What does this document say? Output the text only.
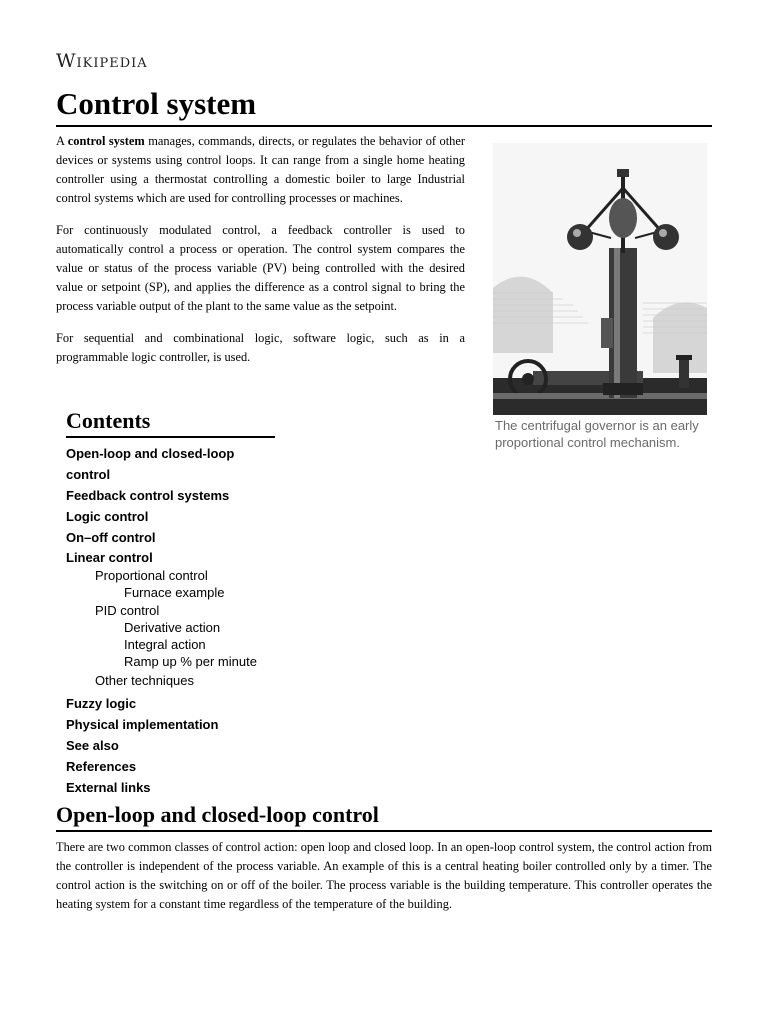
Wikipedia
Control system

A control system manages, commands, directs, or regulates the behavior of other devices or systems using control loops. It can range from a single home heating controller using a thermostat controlling a domestic boiler to large Industrial control systems which are used for controlling processes or machines.

For continuously modulated control, a feedback controller is used to automatically control a process or operation. The control system compares the value or status of the process variable (PV) being controlled with the desired value or setpoint (SP), and applies the difference as a control signal to bring the process variable output of the plant to the same value as the setpoint.

For sequential and combinational logic, software logic, such as in a programmable logic controller, is used.

The centrifugal governor is an early proportional control mechanism.
Contents
Open-loop and closed-loop control
Feedback control systems
Logic control
On–off control
Linear control
Proportional control
Furnace example
PID control
Derivative action
Integral action
Ramp up % per minute
Other techniques
Fuzzy logic
Physical implementation
See also
References
External links
Open-loop and closed-loop control

There are two common classes of control action: open loop and closed loop. In an open-loop control system, the control action from the controller is independent of the process variable. An example of this is a central heating boiler controlled only by a timer. The control action is the switching on or off of the boiler. The process variable is the building temperature. This controller operates the heating system for a constant time regardless of the temperature of the building.
